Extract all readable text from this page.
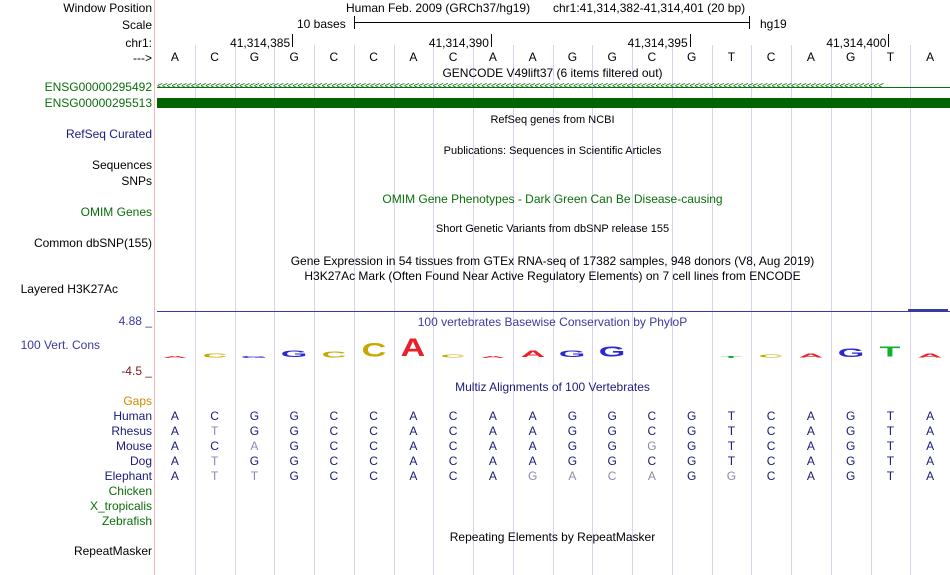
Window Position
Scale
chr1:
--->
ENSG00000295492
ENSG00000295513
RefSeq Curated
Sequences
SNPs
OMIM Genes
Common dbSNP(155)
Layered H3K27Ac
4.88 _
100 Vert. Cons
-4.5 _
Gaps
Human
Rhesus
Mouse
Dog
Elephant
Chicken
X_tropicalis
Zebrafish
RepeatMasker
Human Feb. 2009 (GRCh37/hg19) chr1:41,314,382-41,314,401 (20 bp)
10 bases	hg19
41,314,385	41,314,390	41,314,395	41,314,400
A	C	G	G	C	C	A	C	A	A	G	G	C	G	T	C	A	G	T	A
GENCODE V49lift37 (6 items filtered out)
<<<<<<<<<<<<<<<<<<<<<<<<<<<<<<<<<<<<<<<<<<<<<<<<<<<<<<<<<<<<<<<<<<<<<<<<<<<<<<<<<<<<<<<<<<<<<<<<<<<<<<<<<<<<<<<<<<<<<<<<<<<<<<<<<<<<<<<<<<<<<<<<<<<<<<
RefSeq genes from NCBI
Publications: Sequences in Scientific Articles
OMIM Gene Phenotypes - Dark Green Can Be Disease-causing
Short Genetic Variants from dbSNP release 155
Gene Expression in 54 tissues from GTEx RNA-seq of 17382 samples, 948 donors (V8, Aug 2019)
H3K27Ac Mark (Often Found Near Active Regulatory Elements) on 7 cell lines from ENCODE
100 vertebrates Basewise Conservation by PhyloP
A C G G C C A C A A G G	T C A G T A
Multiz Alignments of 100 Vertebrates
A	C	G	G	C	C	A	C	A	A	G	G	C	G	T	C	A	G	T	A
A	T	G	G	C	C	A	C	A	A	G	G	C	G	T	C	A	G	T	A
A	C	A	G	C	C	A	C	A	A	G	G	G	G	T	C	A	G	T	A
A	T	G	G	C	C	A	C	A	A	G	G	C	G	T	C	A	G	T	A
A	T	T	G	C	C	A	C	A	G	A	C	A	G	G	C	A	G	T	A
Repeating Elements by RepeatMasker
